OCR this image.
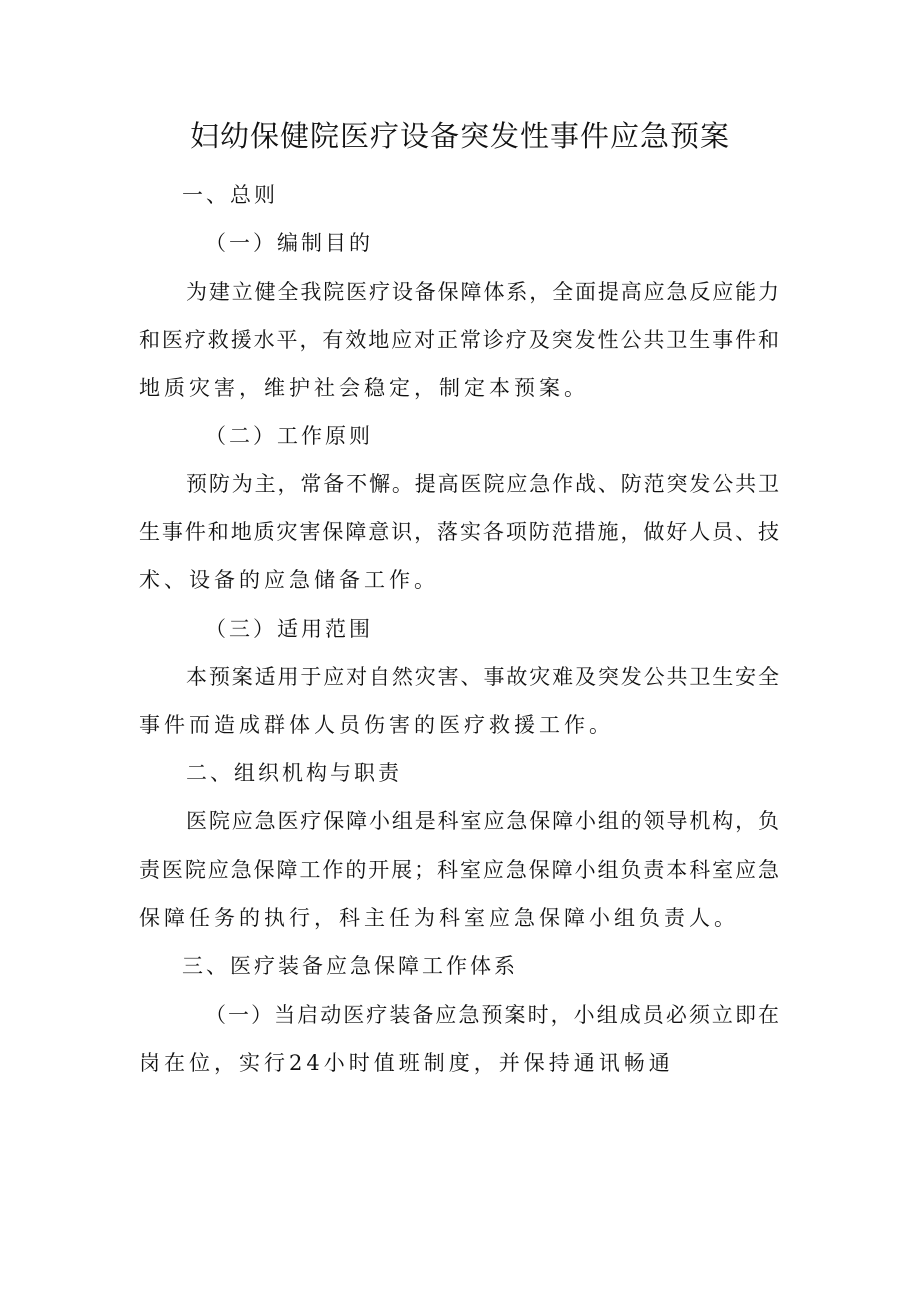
妇幼保健院医疗设备突发性事件应急预案
一、总则
（一）编制目的
为建立健全我院医疗设备保障体系，全面提高应急反应能力
和医疗救援水平，有效地应对正常诊疗及突发性公共卫生事件和
地质灾害，维护社会稳定，制定本预案。
（二）工作原则
预防为主，常备不懈。提高医院应急作战、防范突发公共卫
生事件和地质灾害保障意识，落实各项防范措施，做好人员、技
术、设备的应急储备工作。
（三）适用范围
本预案适用于应对自然灾害、事故灾难及突发公共卫生安全
事件而造成群体人员伤害的医疗救援工作。
二、组织机构与职责
医院应急医疗保障小组是科室应急保障小组的领导机构，负
责医院应急保障工作的开展；科室应急保障小组负责本科室应急
保障任务的执行，科主任为科室应急保障小组负责人。
三、医疗装备应急保障工作体系
（一）当启动医疗装备应急预案时，小组成员必须立即在
岗在位，实行24小时值班制度，并保持通讯畅通
